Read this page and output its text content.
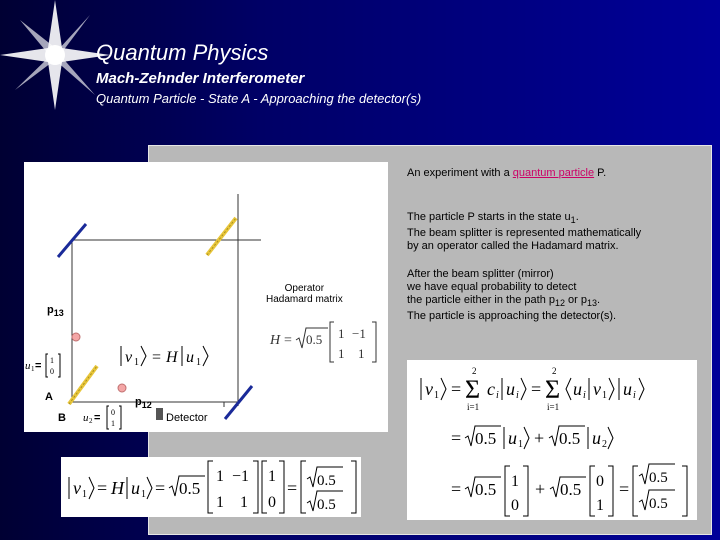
Quantum Physics
Mach-Zehnder Interferometer
Quantum Particle - State A - Approaching the detector(s)
An experiment with a quantum particle P.
The particle P starts in the state $u_1$.
The beam splitter is represented mathematically
by an operator called the Hadamard matrix.
After the beam splitter (mirror)
we have equal probability to detect
the particle either in the path $p_{12}$ or $p_{13}$.
The particle is approaching the detector(s).
Operator
Hadamard matrix
H = 0.5 1 −1
1 1
v 1 = H u 1
$p_{13}$
$p_{12}$
A
B	Detector
u 1 = 1
0
u 2 = 0
1
v 1 = Σ
2
i=1
c i u i = Σ
2
i=1
u i v 1 u i
= 0.5 u 1 + 0.5 u 2
= 0.5 1
0
+ 0.5 0
1
=
0.5
0.5
v 1 = H u 1 = 0.5
1 −1
1 1
1
0
= 0.5
0.5
